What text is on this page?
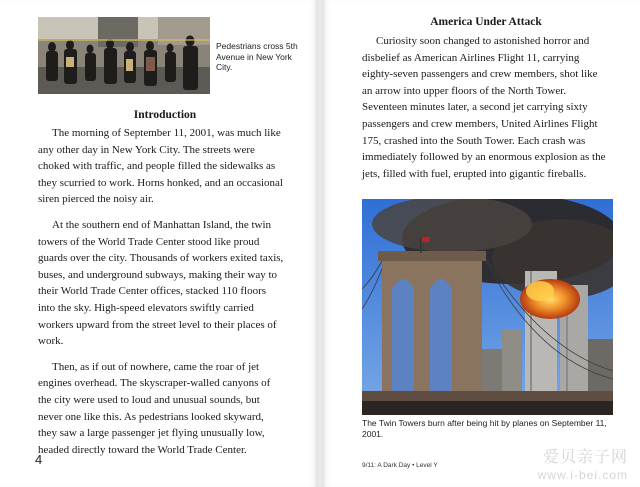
Pedestrians cross 5th Avenue in New York City.
Introduction

The morning of September 11, 2001, was much like any other day in New York City. The streets were choked with traffic, and people filled the sidewalks as they scurried to work. Horns honked, and an occasional siren pierced the noisy air.

At the southern end of Manhattan Island, the twin towers of the World Trade Center stood like proud guards over the city. Thousands of workers exited taxis, buses, and underground subways, making their way to their World Trade Center offices, stacked 110 floors into the sky. High-speed elevators swiftly carried workers upward from the street level to their places of work.

Then, as if out of nowhere, came the roar of jet engines overhead. The skyscraper-walled canyons of the city were used to loud and unusual sounds, but never one like this. As pedestrians looked skyward, they saw a large passenger jet flying unusually low, headed directly toward the World Trade Center.

4
America Under Attack

Curiosity soon changed to astonished horror and disbelief as American Airlines Flight 11, carrying eighty-seven passengers and crew members, shot like an arrow into upper floors of the North Tower. Seventeen minutes later, a second jet carrying sixty passengers and crew members, United Airlines Flight 175, crashed into the South Tower. Each crash was immediately followed by an enormous explosion as the jets, filled with fuel, erupted into gigantic fireballs.

The Twin Towers burn after being hit by planes on September 11, 2001.
9/11: A Dark Day • Level Y	爱贝亲子网
www.i-bei.com
